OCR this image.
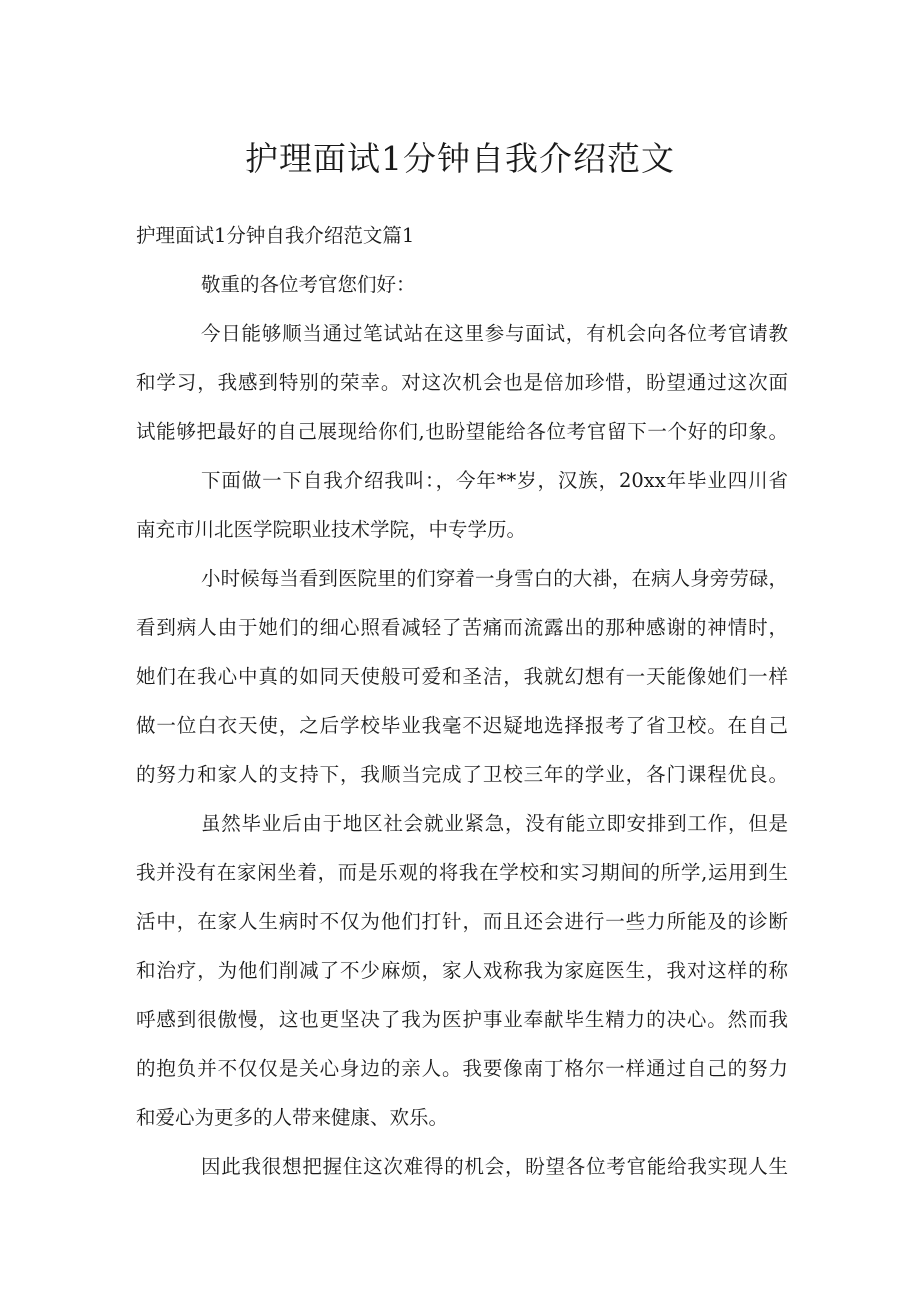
护理面试1分钟自我介绍范文

护理面试1分钟自我介绍范文篇1

敬重的各位考官您们好：
今日能够顺当通过笔试站在这里参与面试，有机会向各位考官请教
和学习，我感到特别的荣幸。对这次机会也是倍加珍惜，盼望通过这次面
试能够把最好的自己展现给你们,也盼望能给各位考官留下一个好的印象。
下面做一下自我介绍我叫：，今年**岁，汉族，20xx年毕业四川省
南充市川北医学院职业技术学院，中专学历。
小时候每当看到医院里的们穿着一身雪白的大褂，在病人身旁劳碌，
看到病人由于她们的细心照看减轻了苦痛而流露出的那种感谢的神情时，
她们在我心中真的如同天使般可爱和圣洁，我就幻想有一天能像她们一样
做一位白衣天使，之后学校毕业我毫不迟疑地选择报考了省卫校。在自己
的努力和家人的支持下，我顺当完成了卫校三年的学业，各门课程优良。
虽然毕业后由于地区社会就业紧急，没有能立即安排到工作，但是
我并没有在家闲坐着，而是乐观的将我在学校和实习期间的所学,运用到生
活中，在家人生病时不仅为他们打针，而且还会进行一些力所能及的诊断
和治疗，为他们削减了不少麻烦，家人戏称我为家庭医生，我对这样的称
呼感到很傲慢，这也更坚决了我为医护事业奉献毕生精力的决心。然而我
的抱负并不仅仅是关心身边的亲人。我要像南丁格尔一样通过自己的努力
和爱心为更多的人带来健康、欢乐。
因此我很想把握住这次难得的机会，盼望各位考官能给我实现人生
